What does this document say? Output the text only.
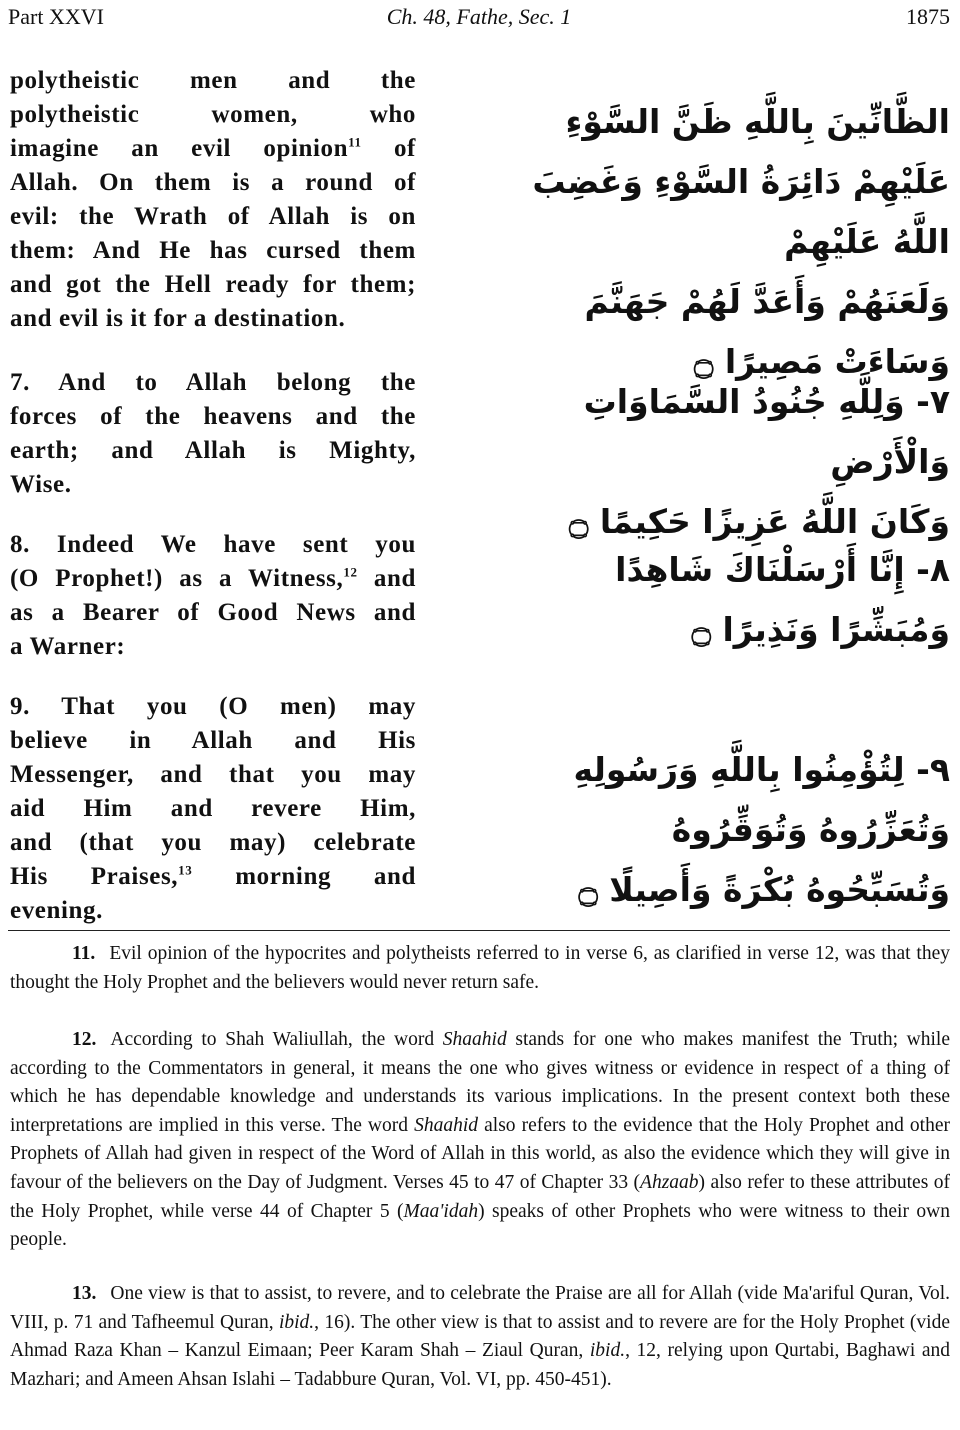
Part XXVI	Ch. 48, Fathe, Sec. 1	1875
polytheistic men and the
polytheistic women, who
imagine an evil opinion$^{11}$ of
Allah. On them is a round of
evil: the Wrath of Allah is on
them: And He has cursed them
and got the Hell ready for them;
and evil is it for a destination.
الظَّانِّينَ بِاللَّهِ ظَنَّ السَّوْءِ
عَلَيْهِمْ دَائِرَةُ السَّوْءِ وَغَضِبَ اللَّهُ عَلَيْهِمْ
وَلَعَنَهُمْ وَأَعَدَّ لَهُمْ جَهَنَّمَ
وَسَاءَتْ مَصِيرًا ۝
7. And to Allah belong the
forces of the heavens and the
earth; and Allah is Mighty,
Wise.
٧- وَلِلَّهِ جُنُودُ السَّمَاوَاتِ وَالْأَرْضِ
وَكَانَ اللَّهُ عَزِيزًا حَكِيمًا ۝
8. Indeed We have sent you
(O Prophet!) as a Witness,$^{12}$ and
as a Bearer of Good News and
a Warner:
٨- إِنَّا أَرْسَلْنَاكَ شَاهِدًا
وَمُبَشِّرًا وَنَذِيرًا ۝
9. That you (O men) may
believe in Allah and His
Messenger, and that you may
aid Him and revere Him,
and (that you may) celebrate
His Praises,$^{13}$ morning and
evening.
٩- لِتُؤْمِنُوا بِاللَّهِ وَرَسُولِهِ
وَتُعَزِّرُوهُ وَتُوَقِّرُوهُ
وَتُسَبِّحُوهُ بُكْرَةً وَأَصِيلًا ۝
11. Evil opinion of the hypocrites and polytheists referred to in verse 6, as clarified in verse 12, was that they thought the Holy Prophet and the believers would never return safe.
12. According to Shah Waliullah, the word Shaahid stands for one who makes manifest the Truth; while according to the Commentators in general, it means the one who gives witness or evidence in respect of a thing of which he has dependable knowledge and understands its various implications. In the present context both these interpretations are implied in this verse. The word Shaahid also refers to the evidence that the Holy Prophet and other Prophets of Allah had given in respect of the Word of Allah in this world, as also the evidence which they will give in favour of the believers on the Day of Judgment. Verses 45 to 47 of Chapter 33 (Ahzaab) also refer to these attributes of the Holy Prophet, while verse 44 of Chapter 5 (Maa'idah) speaks of other Prophets who were witness to their own people.
13. One view is that to assist, to revere, and to celebrate the Praise are all for Allah (vide Ma'ariful Quran, Vol. VIII, p. 71 and Tafheemul Quran, ibid., 16). The other view is that to assist and to revere are for the Holy Prophet (vide Ahmad Raza Khan – Kanzul Eimaan; Peer Karam Shah – Ziaul Quran, ibid., 12, relying upon Qurtabi, Baghawi and Mazhari; and Ameen Ahsan Islahi – Tadabbure Quran, Vol. VI, pp. 450-451).
